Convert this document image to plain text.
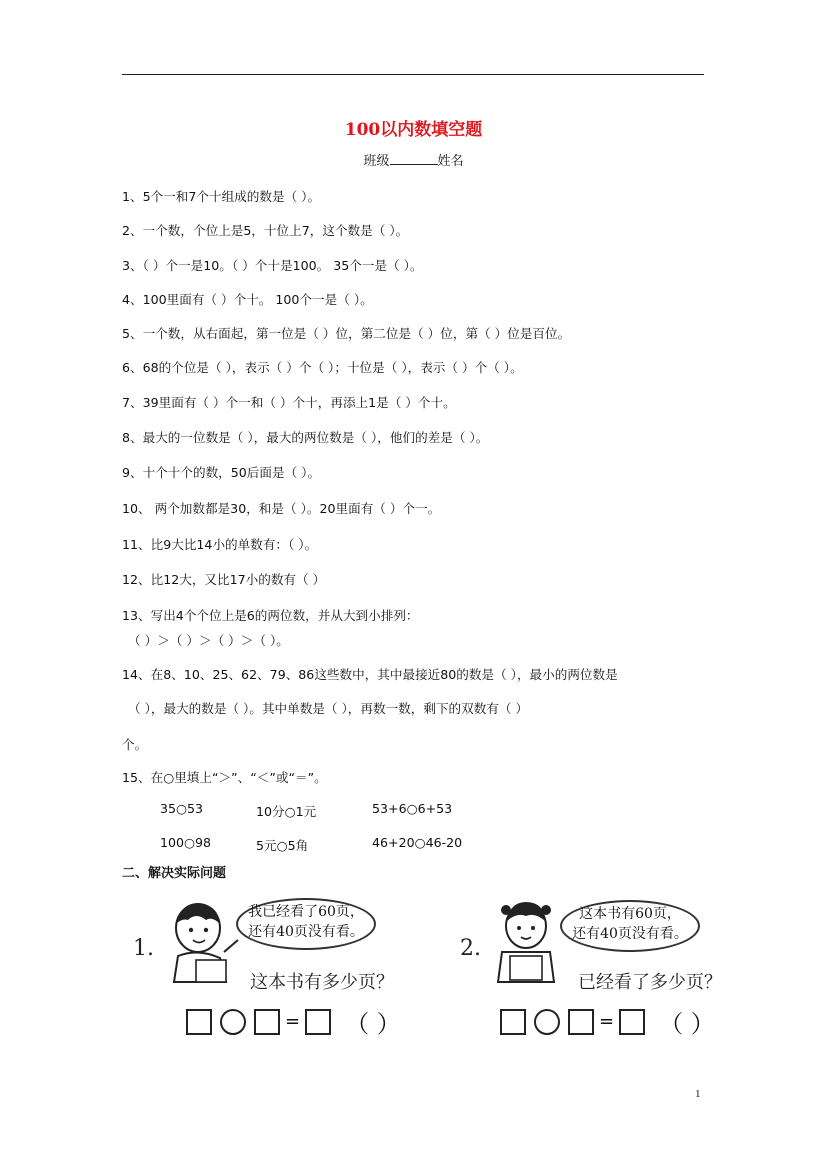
100以内数填空题
班级	姓名
1、5个一和7个十组成的数是（ ）。
2、一个数，个位上是5，十位上7，这个数是（ ）。
3、（ ）个一是10。（ ）个十是100。 35个一是（ ）。
4、100里面有（ ）个十。 100个一是（ ）。
5、一个数，从右面起，第一位是（ ）位，第二位是（ ）位，第（ ）位是百位。
6、68的个位是（ ），表示（ ）个（ ）；十位是（ ），表示（ ）个（ ）。
7、39里面有（ ）个一和（ ）个十，再添上1是（ ）个十。
8、最大的一位数是（ ），最大的两位数是（ ），他们的差是（ ）。
9、十个十个的数，50后面是（ ）。
10、 两个加数都是30，和是（ ）。20里面有（ ）个一。
11、比9大比14小的单数有：（ ）。
12、比12大，又比17小的数有（ ）
13、写出4个个位上是6的两位数，并从大到小排列：
（ ）＞（ ）＞（ ）＞（ ）。
14、在8、10、25、62、79、86这些数中，其中最接近80的数是（ ），最小的两位数是
（ ），最大的数是（ ）。其中单数是（ ），再数一数，剩下的双数有（ ）
个。
15、在○里填上“＞”、“＜”或“＝”。
35○53	10分○1元	53+6○6+53
100○98	5元○5角	46+20○46-20
二、解决实际问题
1.
我已经看了60页，
还有40页没有看。
这本书有多少页？
= （ ）
2.
这本书有60页，
还有40页没有看。
已经看了多少页？
= （ ）
1
